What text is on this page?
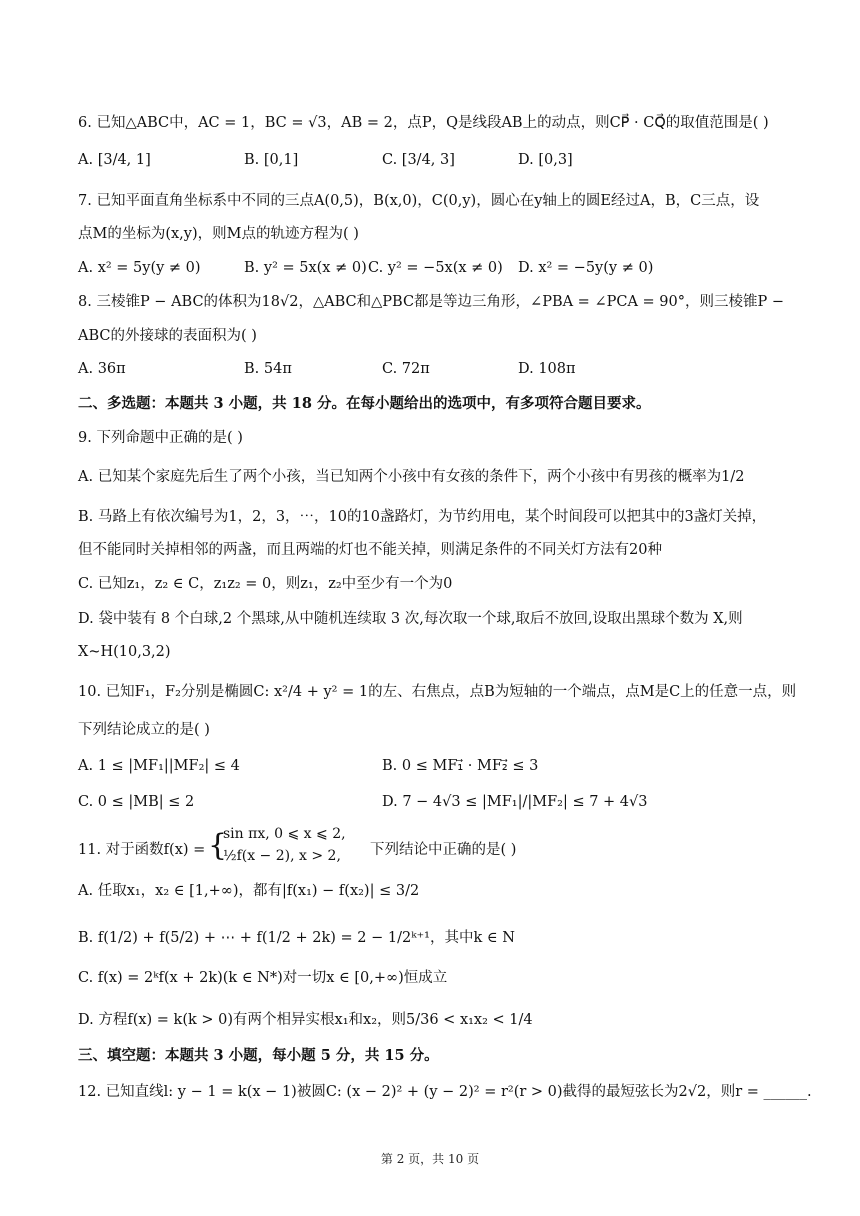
6. 已知△ABC中，AC = 1，BC = √3，AB = 2，点P，Q是线段AB上的动点，则CP⃗ · CQ⃗的取值范围是( )
A. [3/4, 1]	B. [0,1]	C. [3/4, 3]	D. [0,3]
7. 已知平面直角坐标系中不同的三点A(0,5)，B(x,0)，C(0,y)，圆心在y轴上的圆E经过A，B，C三点，设
点M的坐标为(x,y)，则M点的轨迹方程为( )
A. x² = 5y(y ≠ 0)	B. y² = 5x(x ≠ 0) C. y² = −5x(x ≠ 0) D. x² = −5y(y ≠ 0)
8. 三棱锥P − ABC的体积为18√2，△ABC和△PBC都是等边三角形，∠PBA = ∠PCA = 90°，则三棱锥P −
ABC的外接球的表面积为( )
A. 36π	B. 54π	C. 72π	D. 108π
二、多选题：本题共 3 小题，共 18 分。在每小题给出的选项中，有多项符合题目要求。
9. 下列命题中正确的是( )
A. 已知某个家庭先后生了两个小孩，当已知两个小孩中有女孩的条件下，两个小孩中有男孩的概率为1/2
B. 马路上有依次编号为1，2，3，⋯，10的10盏路灯，为节约用电，某个时间段可以把其中的3盏灯关掉，
但不能同时关掉相邻的两盏，而且两端的灯也不能关掉，则满足条件的不同关灯方法有20种
C. 已知z₁，z₂ ∈ C，z₁z₂ = 0，则z₁，z₂中至少有一个为0
D. 袋中装有 8 个白球,2 个黑球,从中随机连续取 3 次,每次取一个球,取后不放回,设取出黑球个数为 X,则
X~H(10,3,2)
10. 已知F₁，F₂分别是椭圆C: x²/4 + y² = 1的左、右焦点，点B为短轴的一个端点，点M是C上的任意一点，则
下列结论成立的是( )
A. 1 ≤ |MF₁||MF₂| ≤ 4	B. 0 ≤ MF₁⃗ · MF₂⃗ ≤ 3
C. 0 ≤ |MB| ≤ 2	D. 7 − 4√3 ≤ |MF₁|/|MF₂| ≤ 7 + 4√3
11. 对于函数f(x) = {
sin πx, 0 ⩽ x ⩽ 2,
½f(x − 2), x > 2, 下列结论中正确的是( )
A. 任取x₁，x₂ ∈ [1,+∞)，都有|f(x₁) − f(x₂)| ≤ 3/2
B. f(1/2) + f(5/2) + ⋯ + f(1/2 + 2k) = 2 − 1/2ᵏ⁺¹，其中k ∈ N
C. f(x) = 2ᵏf(x + 2k)(k ∈ N*)对一切x ∈ [0,+∞)恒成立
D. 方程f(x) = k(k > 0)有两个相异实根x₁和x₂，则5/36 < x₁x₂ < 1/4
三、填空题：本题共 3 小题，每小题 5 分，共 15 分。
12. 已知直线l: y − 1 = k(x − 1)被圆C: (x − 2)² + (y − 2)² = r²(r > 0)截得的最短弦长为2√2，则r = ______.
第 2 页，共 10 页
